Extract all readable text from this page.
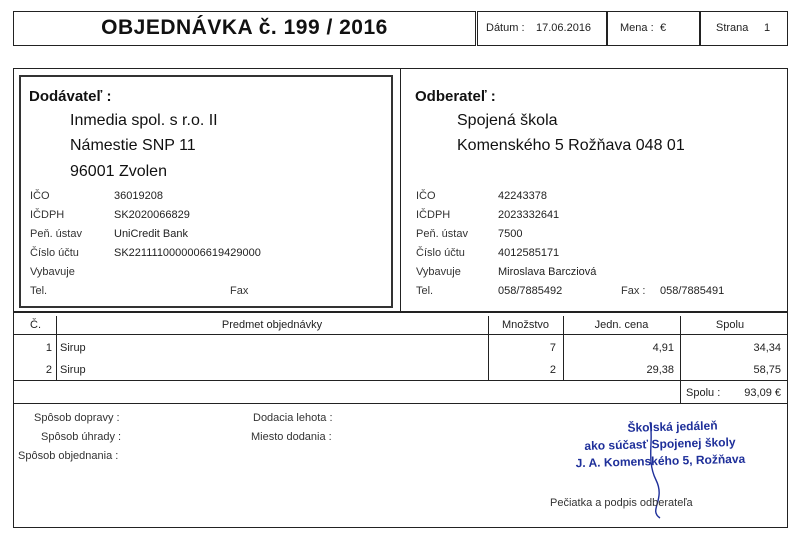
OBJEDNÁVKA č. 199 / 2016	Dátum : 17.06.2016	Mena : €	Strana 1
Dodávateľ :
Inmedia spol. s r.o. II
Námestie SNP 11
96001 Zvolen
IČO	36019208
IČDPH	SK2020066829
Peň. ústav	UniCredit Bank
Číslo účtu	SK2211110000006619429000
Vybavuje
Tel.	Fax
Odberateľ :
Spojená škola
Komenského 5 Rožňava 048 01
IČO	42243378
IČDPH	2023332641
Peň. ústav	7500
Číslo účtu	4012585171
Vybavuje	Miroslava Barcziová
Tel.	058/7885492	Fax : 058/7885491
Č.	Predmet objednávky	Množstvo	Jedn. cena	Spolu
1 Sirup	7	4,91	34,34
2 Sirup	2	29,38	58,75
Spolu :	93,09 €
Spôsob dopravy :
Spôsob úhrady :
Spôsob objednania :
Dodacia lehota :
Miesto dodania :
Školská jedáleň
ako súčasť Spojenej školy
J. A. Komenského 5, Rožňava
Pečiatka a podpis odberateľa
